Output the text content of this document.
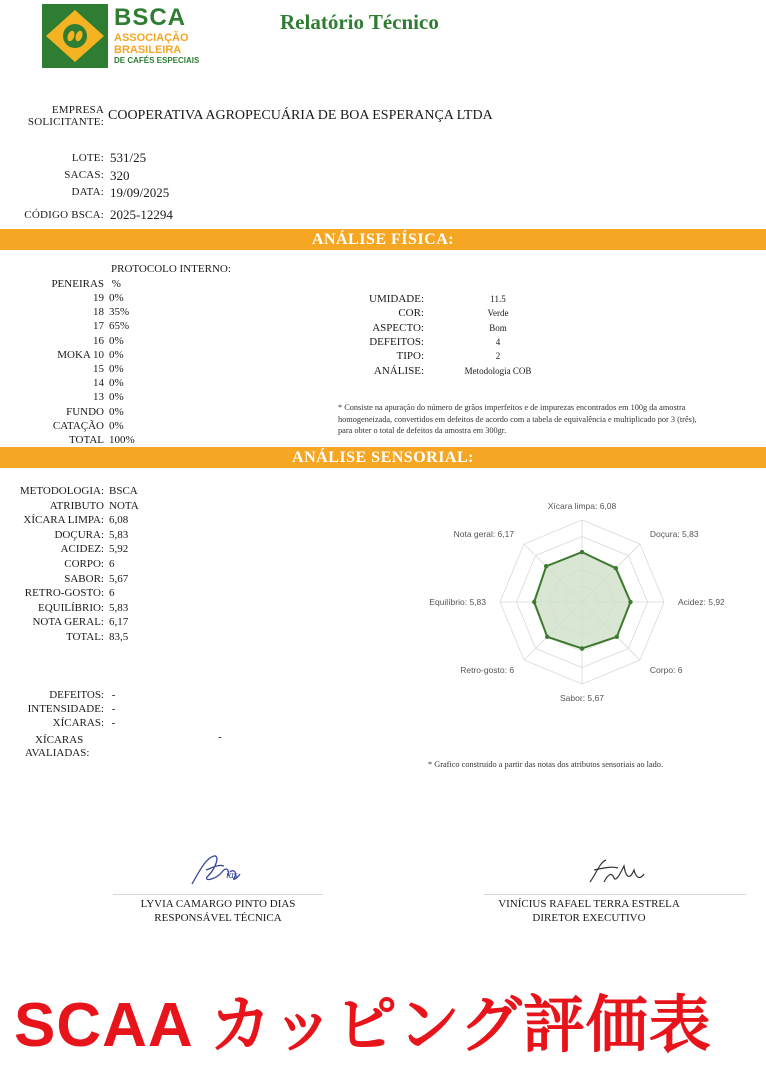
BSCA
ASSOCIAÇÃO
BRASILEIRA
DE CAFÉS ESPECIAIS
Relatório Técnico
EMPRESA
SOLICITANTE: COOPERATIVA AGROPECUÁRIA DE BOA ESPERANÇA LTDA
LOTE: 531/25
SACAS: 320
DATA: 19/09/2025
CÓDIGO BSCA: 2025-12294
ANÁLISE FÍSICA:
PROTOCOLO INTERNO:
PENEIRAS %
19 0%
18 35%
17 65%
16 0%
MOKA 10 0%
15 0%
14 0%
13 0%
FUNDO 0%
CATAÇÃO 0%
TOTAL 100%
UMIDADE:	11.5
COR:	Verde
ASPECTO:	Bom
DEFEITOS:	4
TIPO:	2
ANÁLISE:	Metodologia COB
* Consiste na apuração do número de grãos imperfeitos e de impurezas encontrados em 100g da amostra
homogeneizada, convertidos em defeitos de acordo com a tabela de equivalência e multiplicado por 3 (três),
para obter o total de defeitos da amostra em 300gr.
ANÁLISE SENSORIAL:
METODOLOGIA: BSCA
ATRIBUTO NOTA
XÍCARA LIMPA: 6,08
DOÇURA: 5,83
ACIDEZ: 5,92
CORPO: 6
SABOR: 5,67
RETRO-GOSTO: 6
EQUILÍBRIO: 5,83
NOTA GERAL: 6,17
TOTAL: 83,5
DEFEITOS: -
INTENSIDADE: -
XÍCARAS: -
XÍCARAS
AVALIADAS:
-
Xícara limpa: 6,08
Doçura: 5,83
Acidez: 5,92
Corpo: 6
Sabor: 5,67
Retro-gosto: 6
Equilíbrio: 5,83
Nota geral: 6,17
* Grafico construido a partir das notas dos atributos sensoriais ao lado.
ias
LYVIA CAMARGO PINTO DIAS
RESPONSÁVEL TÉCNICA
VINÍCIUS RAFAEL TERRA ESTRELA
DIRETOR EXECUTIVO
SCAA カッピング評価表
